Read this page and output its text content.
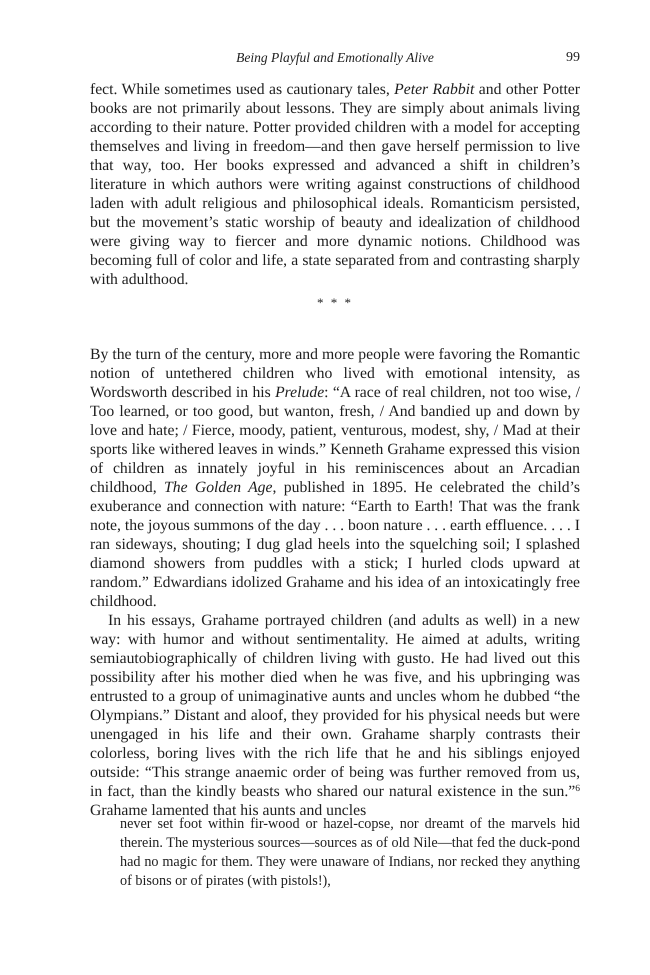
Being Playful and Emotionally Alive	99

fect. While sometimes used as cautionary tales, Peter Rabbit and other Potter books are not primarily about lessons. They are simply about animals living according to their nature. Potter provided children with a model for accepting themselves and living in freedom—and then gave herself permission to live that way, too. Her books expressed and advanced a shift in children’s literature in which authors were writing against constructions of childhood laden with adult religious and philosophical ideals. Romanticism persisted, but the movement’s static worship of beauty and idealization of childhood were giving way to fiercer and more dynamic notions. Childhood was becoming full of color and life, a state separated from and contrasting sharply with adulthood.

* * *

By the turn of the century, more and more people were favoring the Romantic notion of untethered children who lived with emotional intensity, as Wordsworth described in his Prelude: “A race of real children, not too wise, / Too learned, or too good, but wanton, fresh, / And bandied up and down by love and hate; / Fierce, moody, patient, venturous, modest, shy, / Mad at their sports like withered leaves in winds.” Kenneth Grahame expressed this vision of children as innately joyful in his reminiscences about an Arcadian childhood, The Golden Age, published in 1895. He celebrated the child’s exuberance and connection with nature: “Earth to Earth! That was the frank note, the joyous summons of the day . . . boon nature . . . earth effluence. . . . I ran sideways, shouting; I dug glad heels into the squelching soil; I splashed diamond showers from puddles with a stick; I hurled clods upward at random.” Edwardians idolized Grahame and his idea of an intoxicatingly free childhood.

In his essays, Grahame portrayed children (and adults as well) in a new way: with humor and without sentimentality. He aimed at adults, writing semiautobiographically of children living with gusto. He had lived out this possibility after his mother died when he was five, and his upbringing was entrusted to a group of unimaginative aunts and uncles whom he dubbed “the Olympians.” Distant and aloof, they provided for his physical needs but were unengaged in his life and their own. Grahame sharply contrasts their colorless, boring lives with the rich life that he and his siblings enjoyed outside: “This strange anaemic order of being was further removed from us, in fact, than the kindly beasts who shared our natural existence in the sun.”$^6$ Grahame lamented that his aunts and uncles

never set foot within fir-wood or hazel-copse, nor dreamt of the marvels hid therein. The mysterious sources—sources as of old Nile—that fed the duck-pond had no magic for them. They were unaware of Indians, nor recked they anything of bisons or of pirates (with pistols!),
